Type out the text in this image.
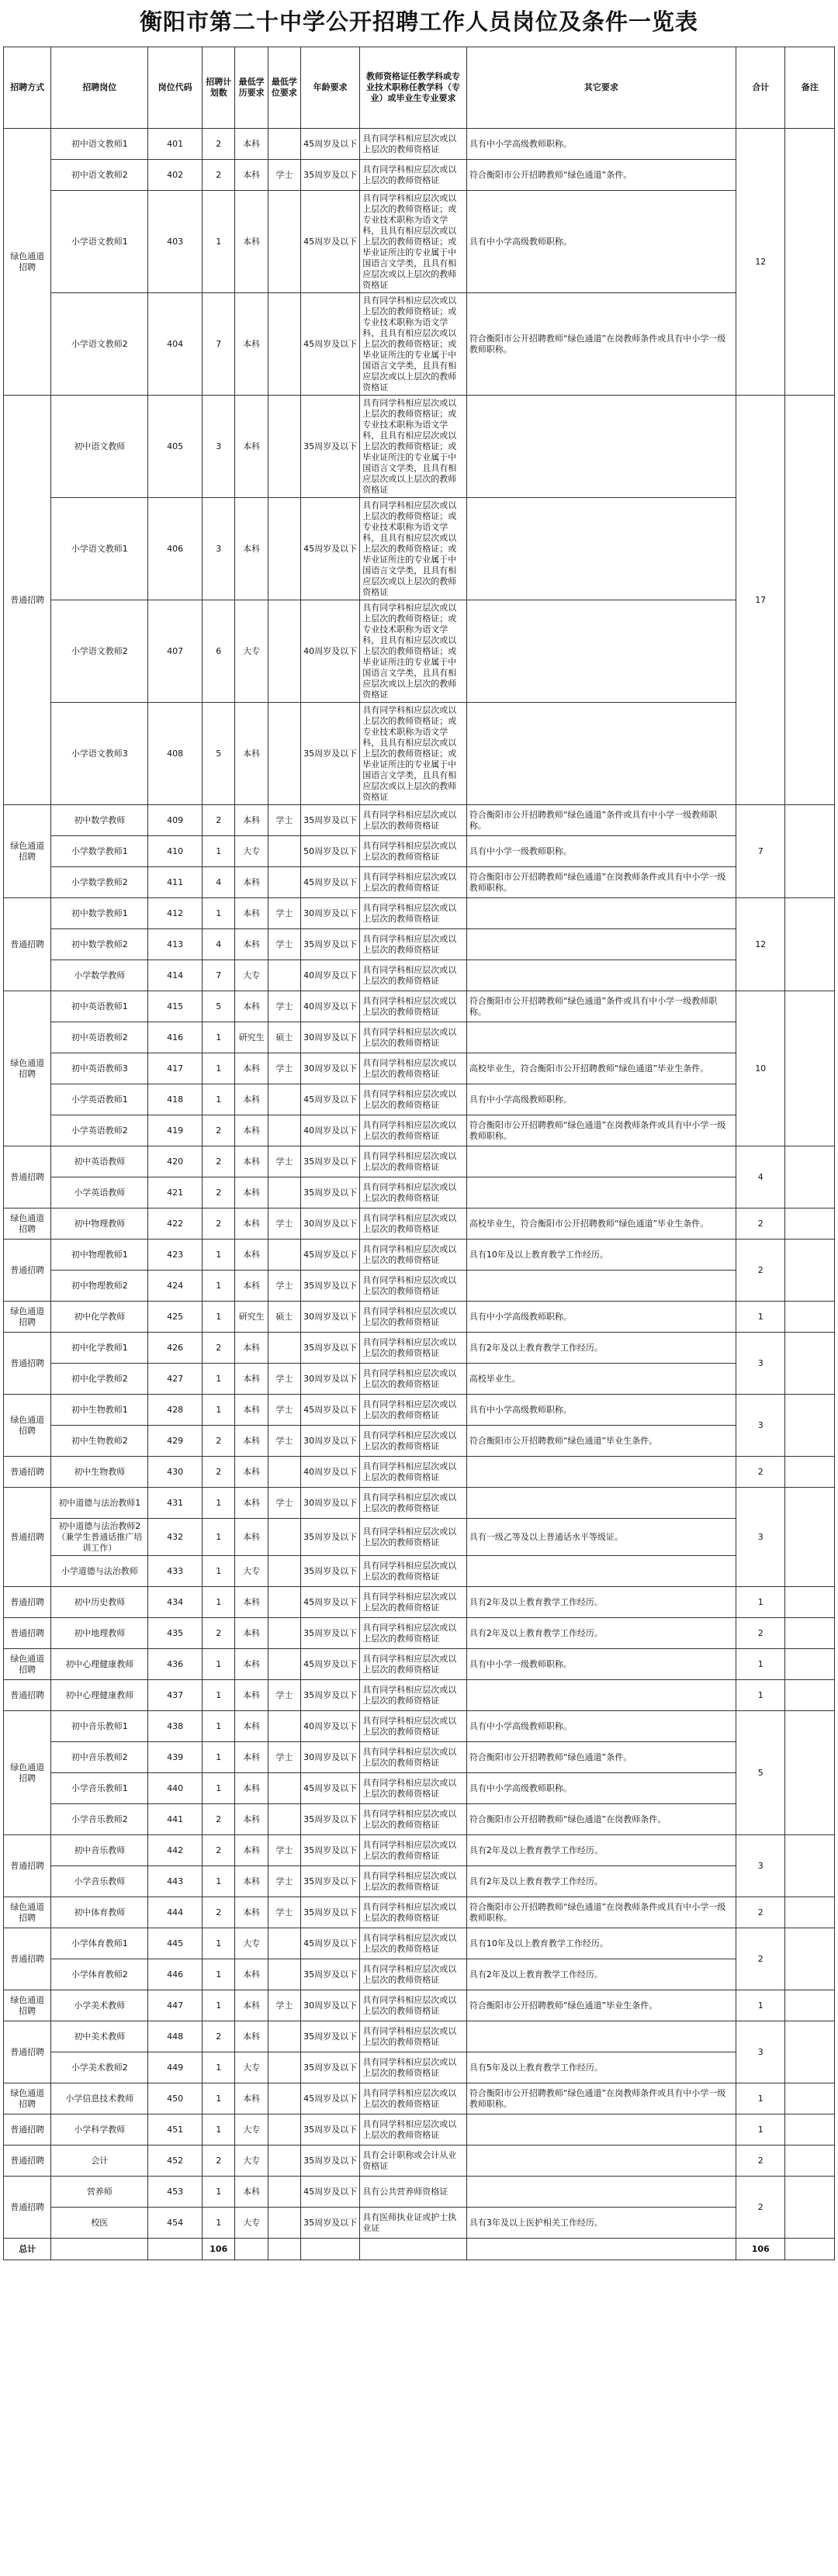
衡阳市第二十中学公开招聘工作人员岗位及条件一览表
招聘方式	招聘岗位	岗位代码	招聘计划数	最低学历要求	最低学位要求	年龄要求	教师资格证任教学科或专业技术职称任教学科（专业）或毕业生专业要求	其它要求	合计	备注
绿色通道招聘	初中语文教师1	401	2	本科		45周岁及以下	具有同学科相应层次或以上层次的教师资格证	具有中小学高级教师职称。	12	
	初中语文教师2	402	2	本科	学士	35周岁及以下	具有同学科相应层次或以上层次的教师资格证	符合衡阳市公开招聘教师“绿色通道”条件。		
	小学语文教师1	403	1	本科		45周岁及以下	具有同学科相应层次或以上层次的教师资格证；或专业技术职称为语文学科，且具有相应层次或以上层次的教师资格证；或毕业证所注的专业属于中国语言文学类，且具有相应层次或以上层次的教师资格证	具有中小学高级教师职称。		
	小学语文教师2	404	7	本科		45周岁及以下	具有同学科相应层次或以上层次的教师资格证；或专业技术职称为语文学科，且具有相应层次或以上层次的教师资格证；或毕业证所注的专业属于中国语言文学类，且具有相应层次或以上层次的教师资格证	符合衡阳市公开招聘教师“绿色通道”在岗教师条件或具有中小学一级教师职称。		
普通招聘	初中语文教师	405	3	本科		35周岁及以下	具有同学科相应层次或以上层次的教师资格证；或专业技术职称为语文学科，且具有相应层次或以上层次的教师资格证；或毕业证所注的专业属于中国语言文学类，且具有相应层次或以上层次的教师资格证		17	
	小学语文教师1	406	3	本科		45周岁及以下	具有同学科相应层次或以上层次的教师资格证；或专业技术职称为语文学科，且具有相应层次或以上层次的教师资格证；或毕业证所注的专业属于中国语言文学类，且具有相应层次或以上层次的教师资格证			
	小学语文教师2	407	6	大专		40周岁及以下	具有同学科相应层次或以上层次的教师资格证；或专业技术职称为语文学科，且具有相应层次或以上层次的教师资格证；或毕业证所注的专业属于中国语言文学类，且具有相应层次或以上层次的教师资格证			
	小学语文教师3	408	5	本科		35周岁及以下	具有同学科相应层次或以上层次的教师资格证；或专业技术职称为语文学科，且具有相应层次或以上层次的教师资格证；或毕业证所注的专业属于中国语言文学类，且具有相应层次或以上层次的教师资格证			
绿色通道招聘	初中数学教师	409	2	本科	学士	35周岁及以下	具有同学科相应层次或以上层次的教师资格证	符合衡阳市公开招聘教师“绿色通道”条件或具有中小学一级教师职称。	7	
	小学数学教师1	410	1	大专		50周岁及以下	具有同学科相应层次或以上层次的教师资格证	具有中小学一级教师职称。		
	小学数学教师2	411	4	本科		45周岁及以下	具有同学科相应层次或以上层次的教师资格证	符合衡阳市公开招聘教师“绿色通道”在岗教师条件或具有中小学一级教师职称。		
普通招聘	初中数学教师1	412	1	本科	学士	30周岁及以下	具有同学科相应层次或以上层次的教师资格证		12	
	初中数学教师2	413	4	本科	学士	35周岁及以下	具有同学科相应层次或以上层次的教师资格证			
	小学数学教师	414	7	大专		40周岁及以下	具有同学科相应层次或以上层次的教师资格证			
绿色通道招聘	初中英语教师1	415	5	本科	学士	40周岁及以下	具有同学科相应层次或以上层次的教师资格证	符合衡阳市公开招聘教师“绿色通道”条件或具有中小学一级教师职称。	10	
	初中英语教师2	416	1	研究生	硕士	30周岁及以下	具有同学科相应层次或以上层次的教师资格证			
	初中英语教师3	417	1	本科	学士	30周岁及以下	具有同学科相应层次或以上层次的教师资格证	高校毕业生，符合衡阳市公开招聘教师“绿色通道”毕业生条件。		
	小学英语教师1	418	1	本科		45周岁及以下	具有同学科相应层次或以上层次的教师资格证	具有中小学高级教师职称。		
	小学英语教师2	419	2	本科		40周岁及以下	具有同学科相应层次或以上层次的教师资格证	符合衡阳市公开招聘教师“绿色通道”在岗教师条件或具有中小学一级教师职称。		
普通招聘	初中英语教师	420	2	本科	学士	35周岁及以下	具有同学科相应层次或以上层次的教师资格证		4	
	小学英语教师	421	2	本科		35周岁及以下	具有同学科相应层次或以上层次的教师资格证			
绿色通道招聘	初中物理教师	422	2	本科	学士	30周岁及以下	具有同学科相应层次或以上层次的教师资格证	高校毕业生，符合衡阳市公开招聘教师“绿色通道”毕业生条件。	2	
普通招聘	初中物理教师1	423	1	本科		45周岁及以下	具有同学科相应层次或以上层次的教师资格证	具有10年及以上教育教学工作经历。	2	
	初中物理教师2	424	1	本科	学士	35周岁及以下	具有同学科相应层次或以上层次的教师资格证			
绿色通道招聘	初中化学教师	425	1	研究生	硕士	30周岁及以下	具有同学科相应层次或以上层次的教师资格证	具有中小学高级教师职称。	1	
普通招聘	初中化学教师1	426	2	本科		35周岁及以下	具有同学科相应层次或以上层次的教师资格证	具有2年及以上教育教学工作经历。	3	
	初中化学教师2	427	1	本科	学士	30周岁及以下	具有同学科相应层次或以上层次的教师资格证	高校毕业生。		
绿色通道招聘	初中生物教师1	428	1	本科	学士	45周岁及以下	具有同学科相应层次或以上层次的教师资格证	具有中小学高级教师职称。	3	
	初中生物教师2	429	2	本科	学士	30周岁及以下	具有同学科相应层次或以上层次的教师资格证	符合衡阳市公开招聘教师“绿色通道”毕业生条件。		
普通招聘	初中生物教师	430	2	本科		40周岁及以下	具有同学科相应层次或以上层次的教师资格证		2	
普通招聘	初中道德与法治教师1	431	1	本科	学士	30周岁及以下	具有同学科相应层次或以上层次的教师资格证		3	
	初中道德与法治教师2（兼学生普通话推广培训工作）	432	1	本科		35周岁及以下	具有同学科相应层次或以上层次的教师资格证	具有一级乙等及以上普通话水平等级证。		
	小学道德与法治教师	433	1	大专		35周岁及以下	具有同学科相应层次或以上层次的教师资格证			
普通招聘	初中历史教师	434	1	本科		45周岁及以下	具有同学科相应层次或以上层次的教师资格证	具有2年及以上教育教学工作经历。	1	
普通招聘	初中地理教师	435	2	本科		35周岁及以下	具有同学科相应层次或以上层次的教师资格证	具有2年及以上教育教学工作经历。	2	
绿色通道招聘	初中心理健康教师	436	1	本科		45周岁及以下	具有同学科相应层次或以上层次的教师资格证	具有中小学一级教师职称。	1	
普通招聘	初中心理健康教师	437	1	本科	学士	35周岁及以下	具有同学科相应层次或以上层次的教师资格证		1	
绿色通道招聘	初中音乐教师1	438	1	本科		40周岁及以下	具有同学科相应层次或以上层次的教师资格证	具有中小学高级教师职称。	5	
	初中音乐教师2	439	1	本科	学士	30周岁及以下	具有同学科相应层次或以上层次的教师资格证	符合衡阳市公开招聘教师“绿色通道”条件。		
	小学音乐教师1	440	1	本科		45周岁及以下	具有同学科相应层次或以上层次的教师资格证	具有中小学高级教师职称。		
	小学音乐教师2	441	2	本科		35周岁及以下	具有同学科相应层次或以上层次的教师资格证	符合衡阳市公开招聘教师“绿色通道”在岗教师条件。		
普通招聘	初中音乐教师	442	2	本科	学士	35周岁及以下	具有同学科相应层次或以上层次的教师资格证	具有2年及以上教育教学工作经历。	3	
	小学音乐教师	443	1	本科	学士	35周岁及以下	具有同学科相应层次或以上层次的教师资格证	具有2年及以上教育教学工作经历。		
绿色通道招聘	初中体育教师	444	2	本科	学士	35周岁及以下	具有同学科相应层次或以上层次的教师资格证	符合衡阳市公开招聘教师“绿色通道”在岗教师条件或具有中小学一级教师职称。	2	
普通招聘	小学体育教师1	445	1	大专		45周岁及以下	具有同学科相应层次或以上层次的教师资格证	具有10年及以上教育教学工作经历。	2	
	小学体育教师2	446	1	本科		35周岁及以下	具有同学科相应层次或以上层次的教师资格证	具有2年及以上教育教学工作经历。		
绿色通道招聘	小学美术教师	447	1	本科	学士	30周岁及以下	具有同学科相应层次或以上层次的教师资格证	符合衡阳市公开招聘教师“绿色通道”毕业生条件。	1	
普通招聘	初中美术教师	448	2	本科		35周岁及以下	具有同学科相应层次或以上层次的教师资格证		3	
	小学美术教师2	449	1	大专		35周岁及以下	具有同学科相应层次或以上层次的教师资格证	具有5年及以上教育教学工作经历。		
绿色通道招聘	小学信息技术教师	450	1	本科		45周岁及以下	具有同学科相应层次或以上层次的教师资格证	符合衡阳市公开招聘教师“绿色通道”在岗教师条件或具有中小学一级教师职称。	1	
普通招聘	小学科学教师	451	1	大专		35周岁及以下	具有同学科相应层次或以上层次的教师资格证		1	
普通招聘	会计	452	2	大专		35周岁及以下	具有会计职称或会计从业资格证		2	
普通招聘	营养师	453	1	本科		45周岁及以下	具有公共营养师资格证		2	
	校医	454	1	大专		35周岁及以下	具有医师执业证或护士执业证	具有3年及以上医护相关工作经历。		
总计			106						106	
